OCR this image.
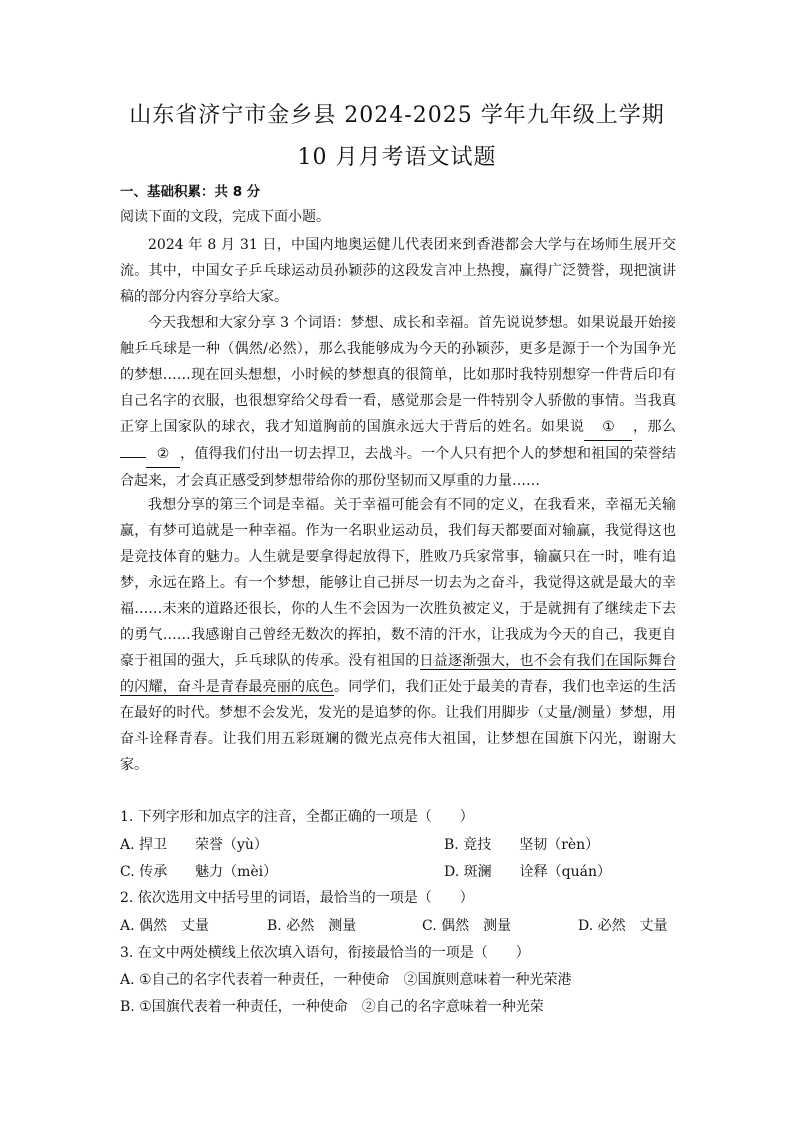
山东省济宁市金乡县 2024-2025 学年九年级上学期
10 月月考语文试题
一、基础积累：共 8 分
阅读下面的文段，完成下面小题。

2024 年 8 月 31 日，中国内地奥运健儿代表团来到香港都会大学与在场师生展开交流。其中，中国女子乒乓球运动员孙颖莎的这段发言冲上热搜，赢得广泛赞誉，现把演讲稿的部分内容分享给大家。

今天我想和大家分享 3 个词语：梦想、成长和幸福。首先说说梦想。如果说最开始接触乒乓球是一种（偶然/必然），那么我能够成为今天的孙颖莎，更多是源于一个为国争光的梦想……现在回头想想，小时候的梦想真的很简单，比如那时我特别想穿一件背后印有自己名字的衣服，也很想穿给父母看一看，感觉那会是一件特别令人骄傲的事情。当我真正穿上国家队的球衣，我才知道胸前的国旗永远大于背后的姓名。如果说 ① ，那么② ，值得我们付出一切去捍卫，去战斗。一个人只有把个人的梦想和祖国的荣誉结合起来，才会真正感受到梦想带给你的那份坚韧而又厚重的力量……

我想分享的第三个词是幸福。关于幸福可能会有不同的定义，在我看来，幸福无关输赢，有梦可追就是一种幸福。作为一名职业运动员，我们每天都要面对输赢，我觉得这也是竞技体育的魅力。人生就是要拿得起放得下，胜败乃兵家常事，输赢只在一时，唯有追梦，永远在路上。有一个梦想，能够让自己拼尽一切去为之奋斗，我觉得这就是最大的幸福……未来的道路还很长，你的人生不会因为一次胜负被定义，于是就拥有了继续走下去的勇气……我感谢自己曾经无数次的挥拍，数不清的汗水，让我成为今天的自己，我更自豪于祖国的强大，乒乓球队的传承。没有祖国的日益逐渐强大，也不会有我们在国际舞台的闪耀，奋斗是青春最亮丽的底色。同学们，我们正处于最美的青春，我们也幸运的生活在最好的时代。梦想不会发光，发光的是追梦的你。让我们用脚步（丈量/测量）梦想，用奋斗诠释青春。让我们用五彩斑斓的微光点亮伟大祖国，让梦想在国旗下闪光，谢谢大家。

1. 下列字形和加点字的注音，全都正确的一项是（　　）
A. 捍卫　　荣誉（yù）	B. 竟技　　坚韧（rèn）
C. 传承　　魅力（mèi）	D. 斑澜　　诠释（quán）
2. 依次选用文中括号里的词语，最恰当的一项是（　　）
A. 偶然　丈量	B. 必然　测量	C. 偶然　测量	D. 必然　丈量
3. 在文中两处横线上依次填入语句，衔接最恰当的一项是（　　）
A. ①自己的名字代表着一种责任，一种使命　②国旗则意味着一种光荣港
B. ①国旗代表着一种责任，一种使命　②自己的名字意味着一种光荣
